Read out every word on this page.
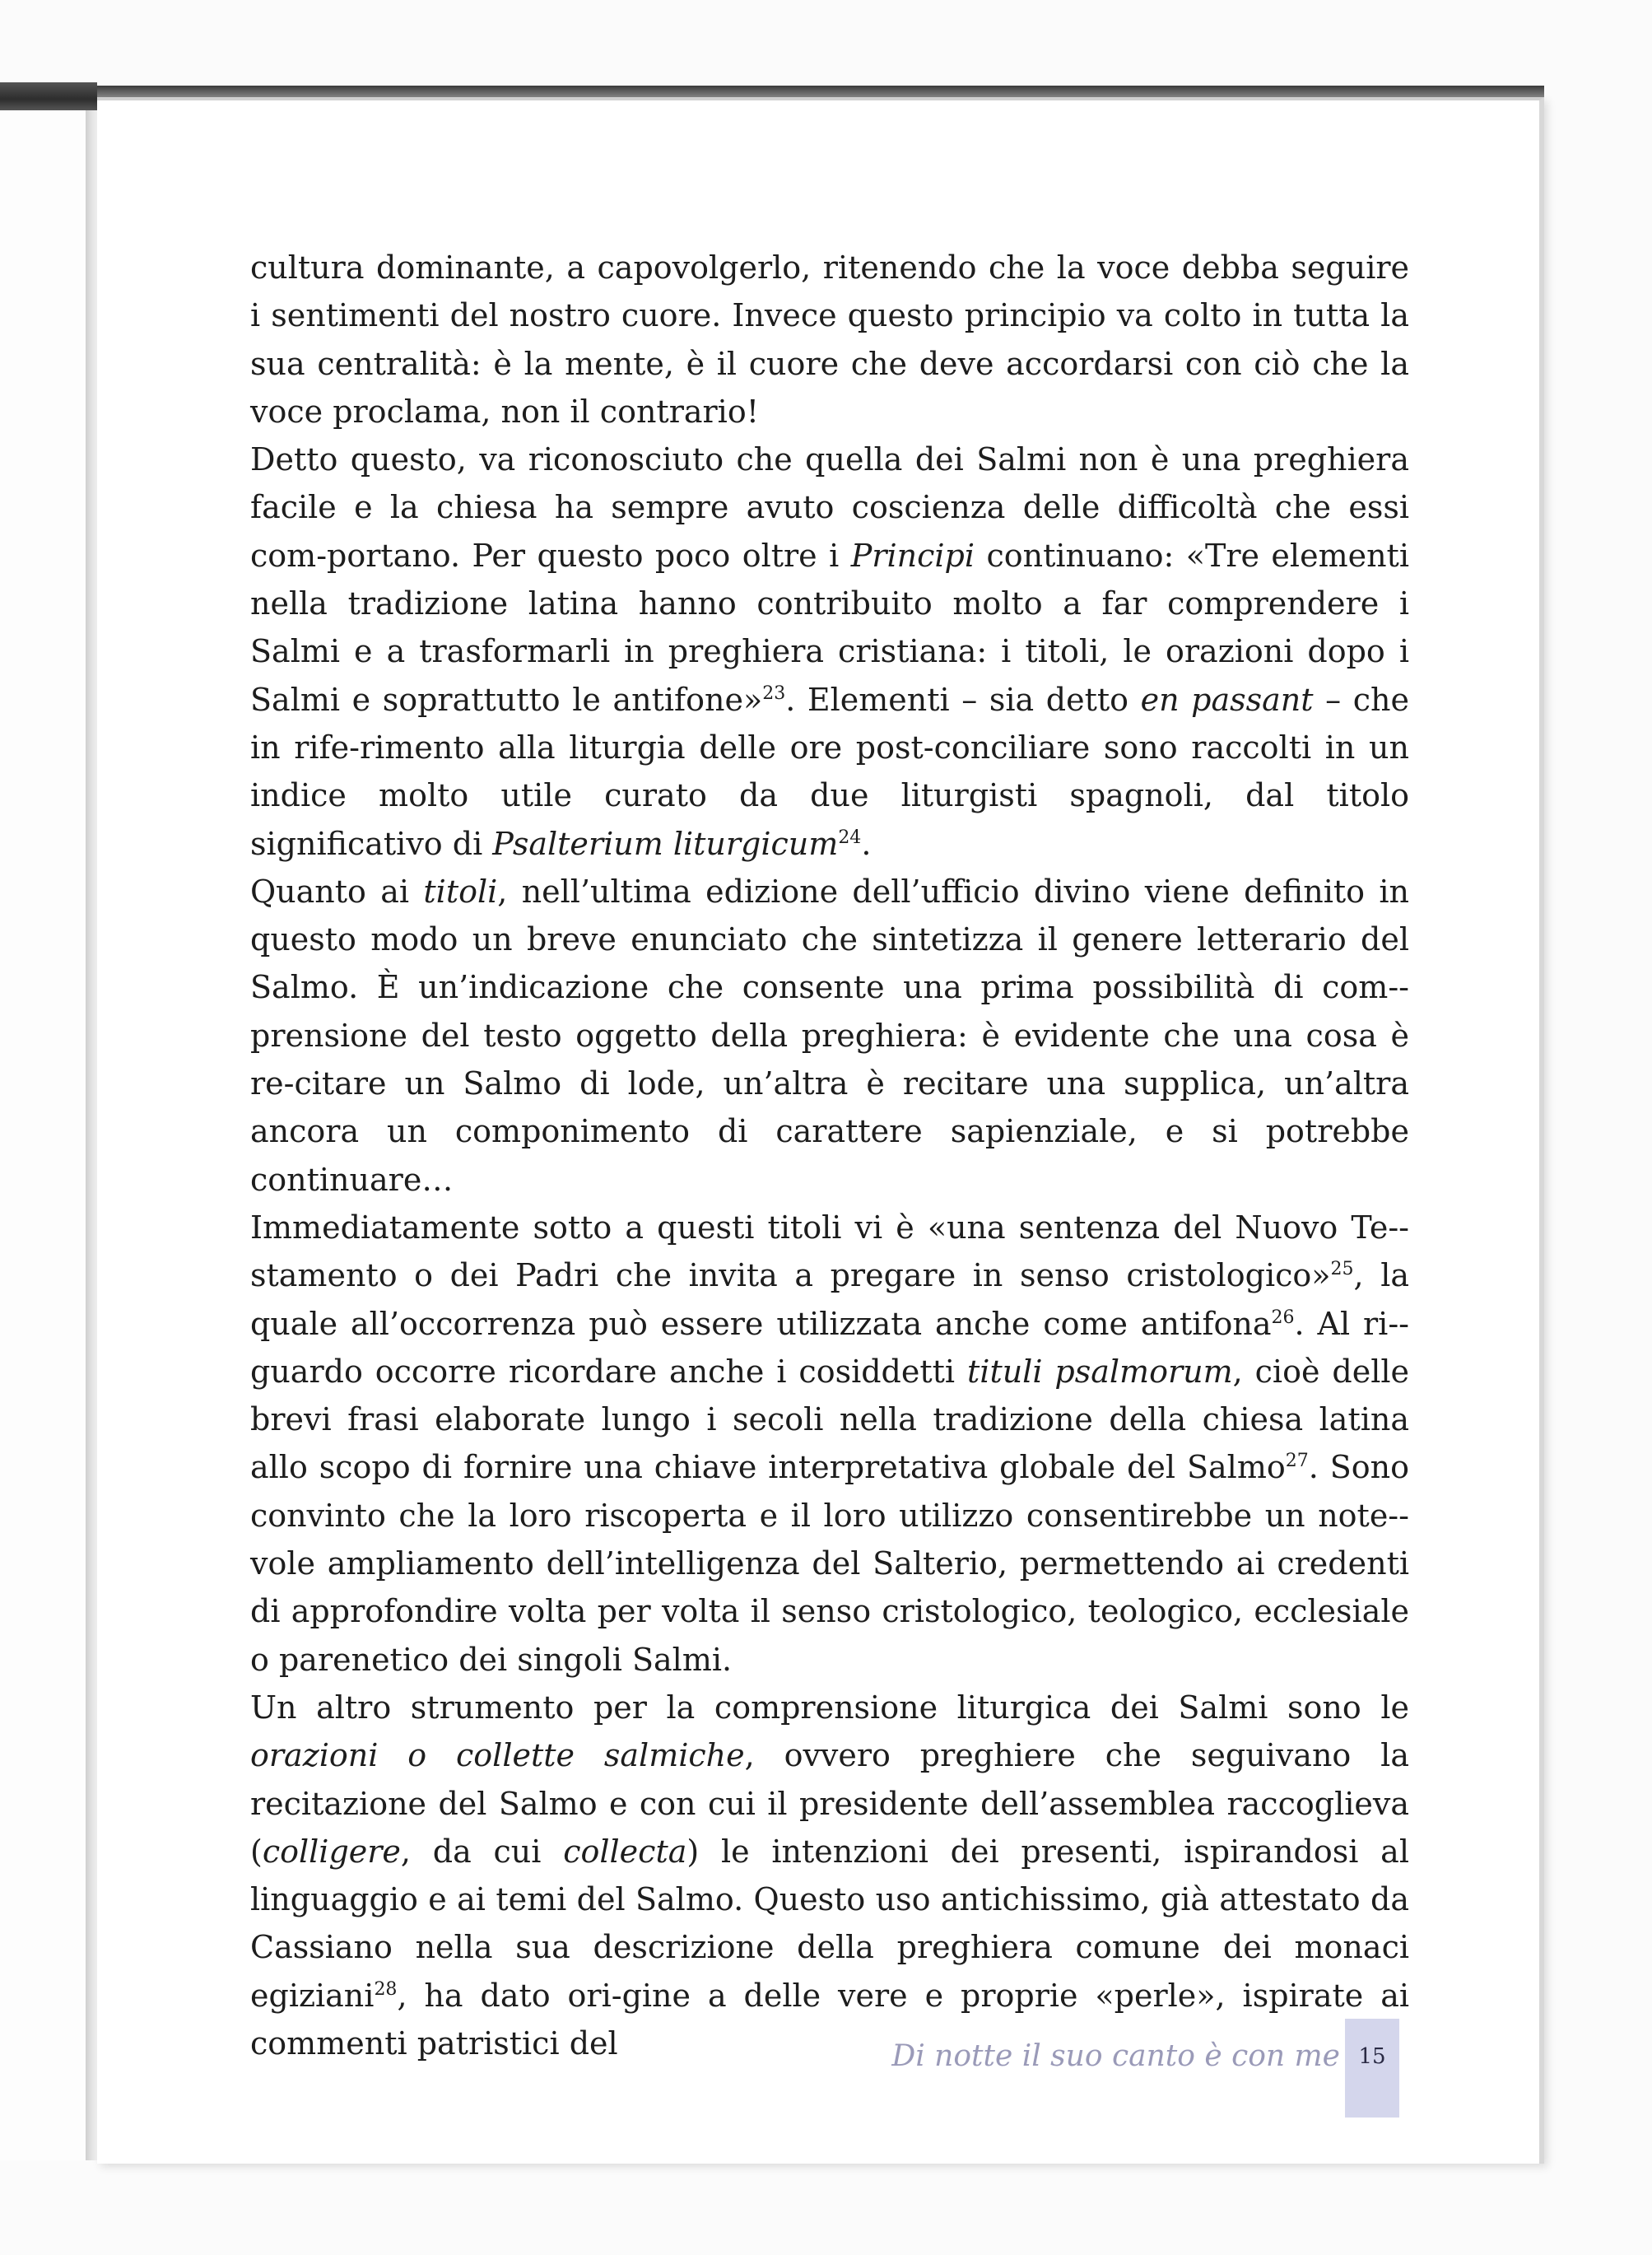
cultura dominante, a capovolgerlo, ritenendo che la voce debba seguire i sentimenti del nostro cuore. Invece questo principio va colto in tutta la sua centralità: è la mente, è il cuore che deve accordarsi con ciò che la voce proclama, non il contrario!

Detto questo, va riconosciuto che quella dei Salmi non è una preghiera facile e la chiesa ha sempre avuto coscienza delle difficoltà che essi com-portano. Per questo poco oltre i Principi continuano: «Tre elementi nella tradizione latina hanno contribuito molto a far comprendere i Salmi e a trasformarli in preghiera cristiana: i titoli, le orazioni dopo i Salmi e soprattutto le antifone»$^{23}$. Elementi – sia detto en passant – che in rife-rimento alla liturgia delle ore post-conciliare sono raccolti in un indice molto utile curato da due liturgisti spagnoli, dal titolo significativo di Psalterium liturgicum$^{24}$.

Quanto ai titoli, nell’ultima edizione dell’ufficio divino viene definito in questo modo un breve enunciato che sintetizza il genere letterario del Salmo. È un’indicazione che consente una prima possibilità di com-prensione del testo oggetto della preghiera: è evidente che una cosa è re-citare un Salmo di lode, un’altra è recitare una supplica, un’altra ancora un componimento di carattere sapienziale, e si potrebbe continuare…

Immediatamente sotto a questi titoli vi è «una sentenza del Nuovo Te-stamento o dei Padri che invita a pregare in senso cristologico»$^{25}$, la quale all’occorrenza può essere utilizzata anche come antifona$^{26}$. Al ri-guardo occorre ricordare anche i cosiddetti tituli psalmorum, cioè delle brevi frasi elaborate lungo i secoli nella tradizione della chiesa latina allo scopo di fornire una chiave interpretativa globale del Salmo$^{27}$. Sono convinto che la loro riscoperta e il loro utilizzo consentirebbe un note-vole ampliamento dell’intelligenza del Salterio, permettendo ai credenti di approfondire volta per volta il senso cristologico, teologico, ecclesiale o parenetico dei singoli Salmi.

Un altro strumento per la comprensione liturgica dei Salmi sono le orazioni o collette salmiche, ovvero preghiere che seguivano la recitazione del Salmo e con cui il presidente dell’assemblea raccoglieva (colligere, da cui collecta) le intenzioni dei presenti, ispirandosi al linguaggio e ai temi del Salmo. Questo uso antichissimo, già attestato da Cassiano nella sua descrizione della preghiera comune dei monaci egiziani$^{28}$, ha dato ori-gine a delle vere e proprie «perle», ispirate ai commenti patristici del	Di notte il suo canto è con me 15
